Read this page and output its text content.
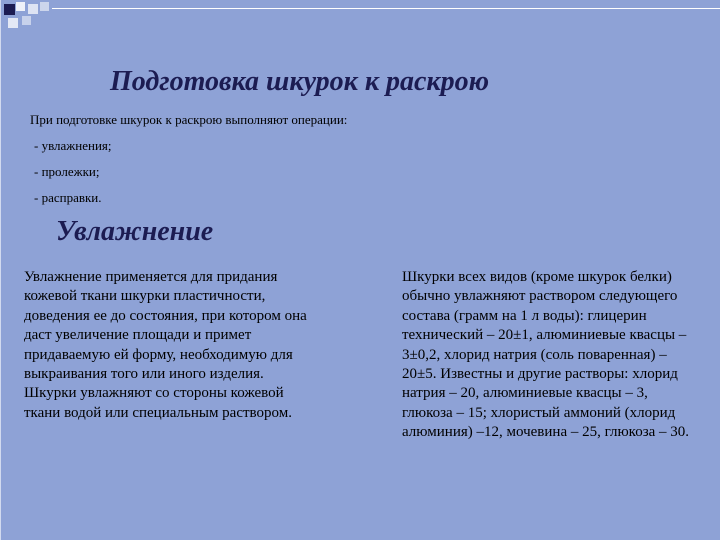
Подготовка шкурок к раскрою

При подготовке шкурок к раскрою выполняют операции:

- увлажнения;
- пролежки;
- расправки.
Увлажнение

Увлажнение применяется для придания кожевой ткани шкурки пластичности, доведения ее до состояния, при котором она даст увеличение площади и примет придаваемую ей форму, необходимую для выкраивания того или иного изделия. Шкурки увлажняют со стороны кожевой ткани водой или специальным раствором.

Шкурки всех видов (кроме шкурок белки) обычно увлажняют раствором следующего состава (грамм на 1 л воды): глицерин технический – 20±1, алюминиевые квасцы – 3±0,2, хлорид натрия (соль поваренная) – 20±5. Известны и другие растворы: хлорид натрия – 20, алюминиевые квасцы – 3, глюкоза – 15; хлористый аммоний (хлорид алюминия) –12, мочевина – 25, глюкоза – 30.
